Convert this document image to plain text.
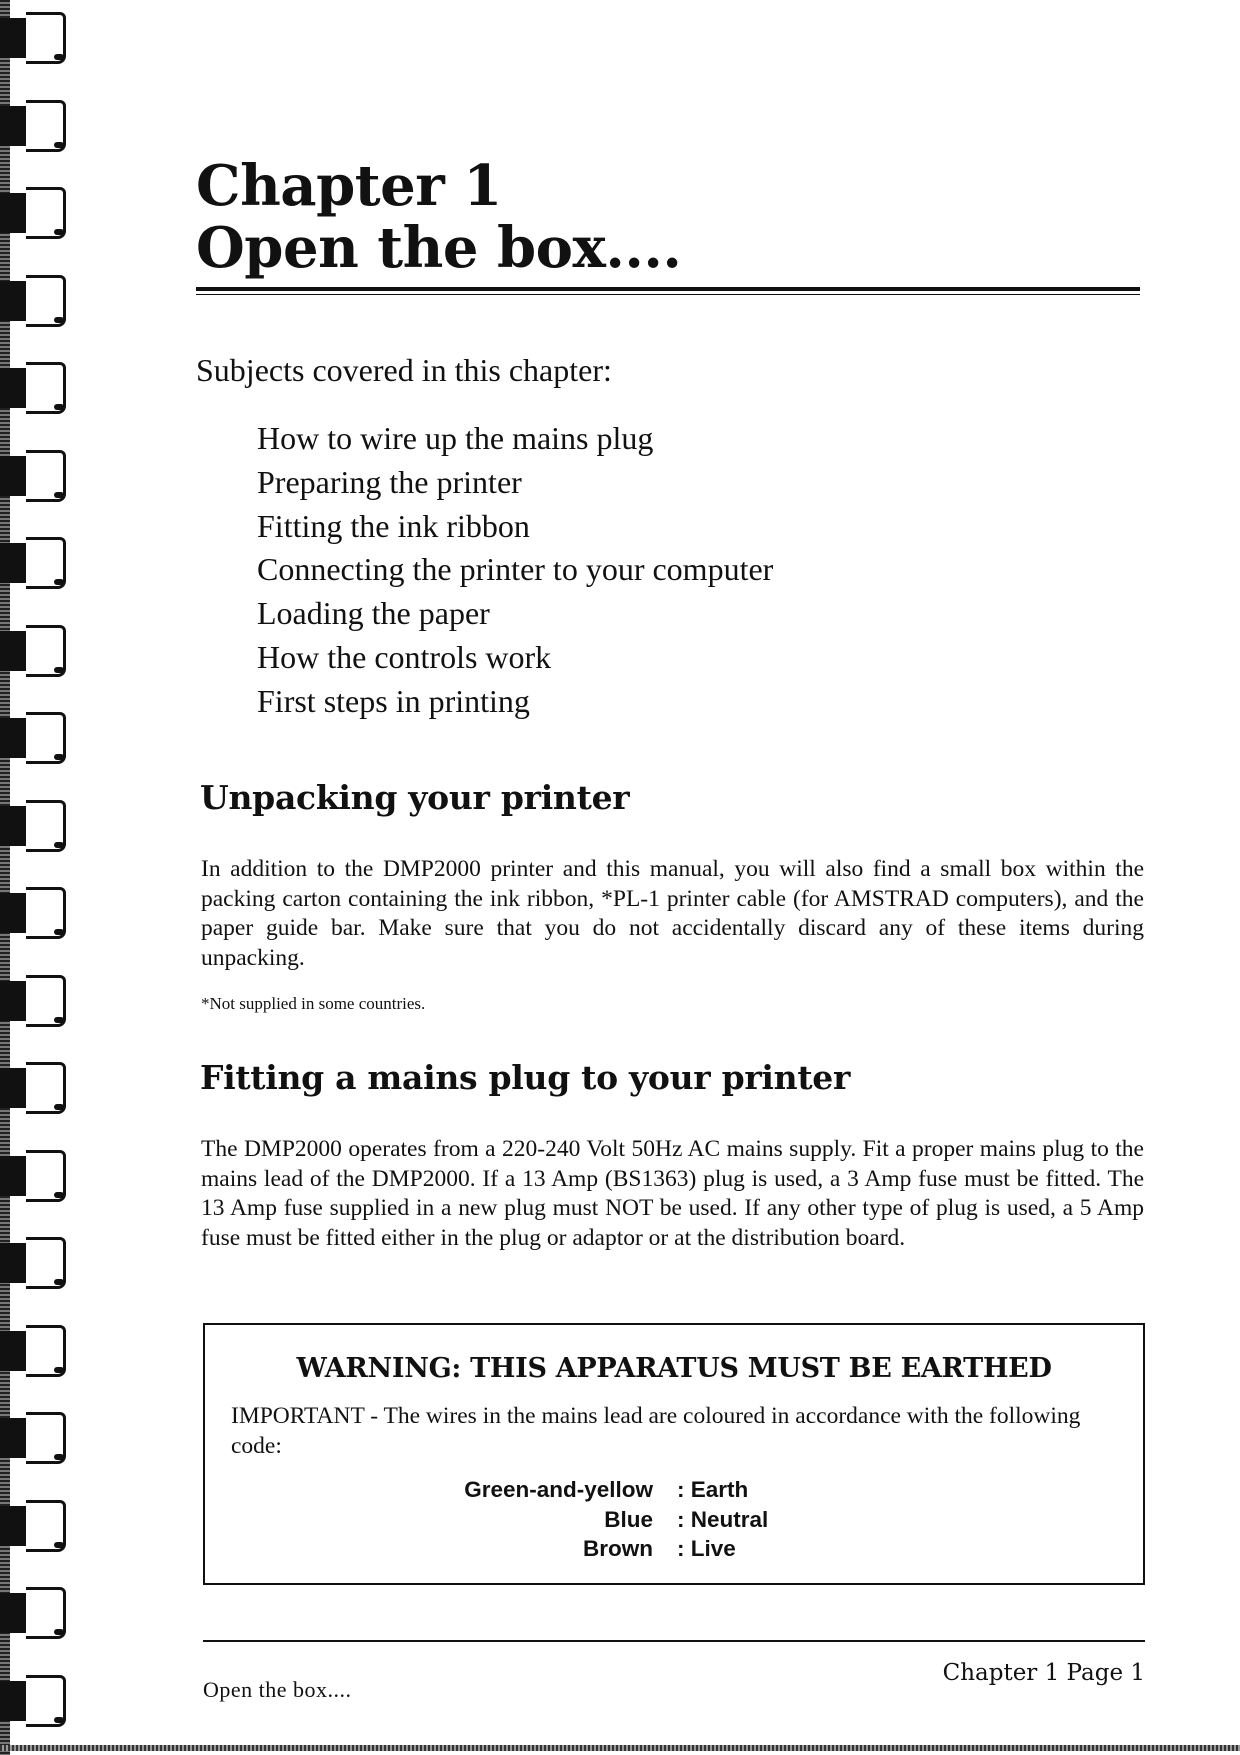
Chapter 1
Open the box....
Subjects covered in this chapter:
How to wire up the mains plug
Preparing the printer
Fitting the ink ribbon
Connecting the printer to your computer
Loading the paper
How the controls work
First steps in printing
Unpacking your printer

In addition to the DMP2000 printer and this manual, you will also find a small box within the packing carton containing the ink ribbon, *PL-1 printer cable (for AMSTRAD computers), and the paper guide bar. Make sure that you do not accidentally discard any of these items during unpacking.

*Not supplied in some countries.
Fitting a mains plug to your printer

The DMP2000 operates from a 220-240 Volt 50Hz AC mains supply. Fit a proper mains plug to the mains lead of the DMP2000. If a 13 Amp (BS1363) plug is used, a 3 Amp fuse must be fitted. The 13 Amp fuse supplied in a new plug must NOT be used. If any other type of plug is used, a 5 Amp fuse must be fitted either in the plug or adaptor or at the distribution board.

WARNING: THIS APPARATUS MUST BE EARTHED

IMPORTANT - The wires in the mains lead are coloured in accordance with the following code:

Green-and-yellow : Earth
Blue : Neutral
Brown : Live
Open the box....
Chapter 1 Page 1
